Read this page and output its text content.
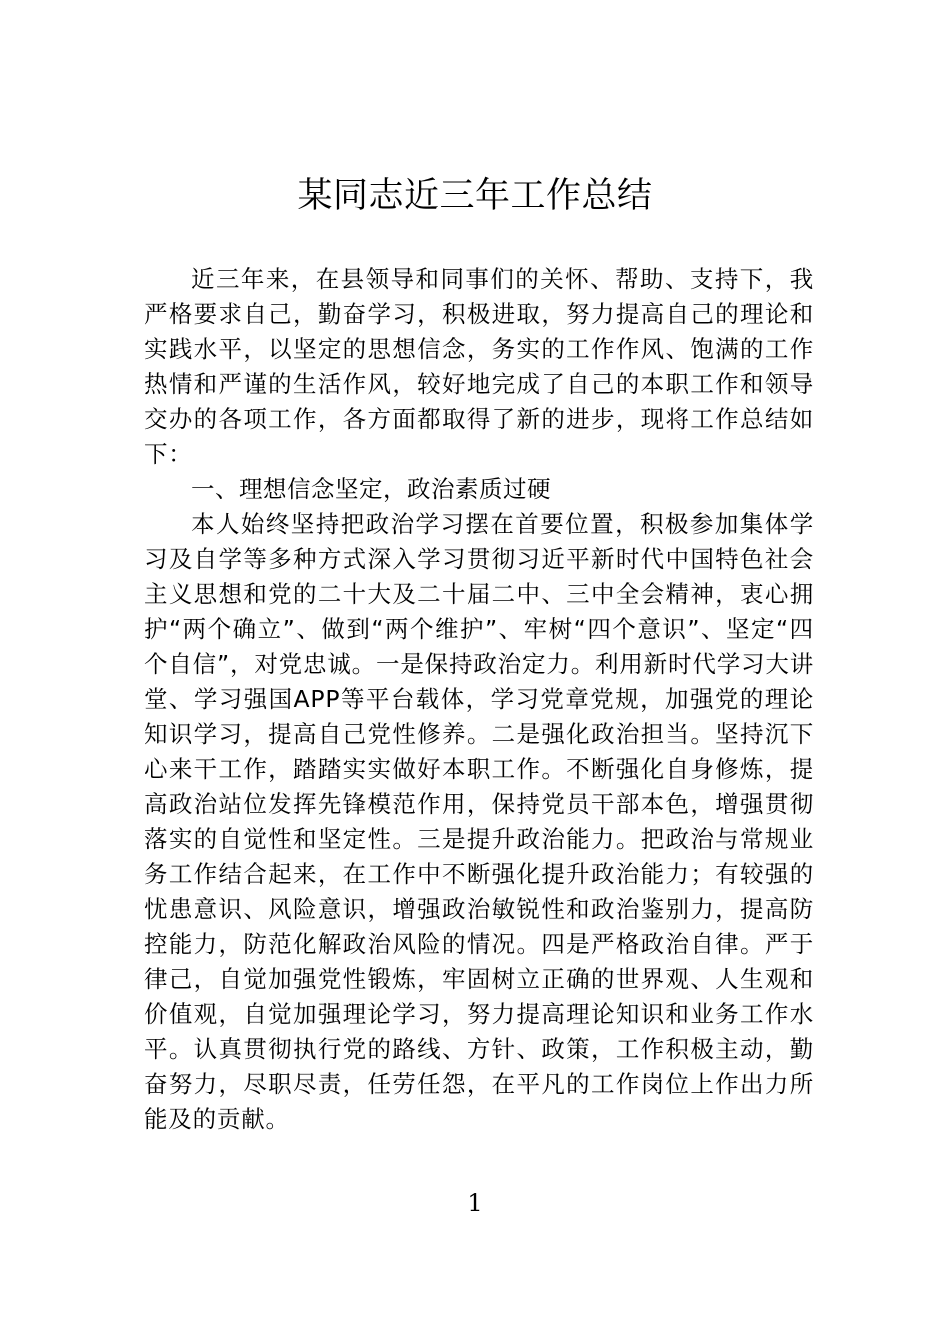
某同志近三年工作总结

近三年来，在县领导和同事们的关怀、帮助、支持下，我严格要求自己，勤奋学习，积极进取，努力提高自己的理论和实践水平，以坚定的思想信念，务实的工作作风、饱满的工作热情和严谨的生活作风，较好地完成了自己的本职工作和领导交办的各项工作，各方面都取得了新的进步，现将工作总结如下：

一、理想信念坚定，政治素质过硬

本人始终坚持把政治学习摆在首要位置，积极参加集体学习及自学等多种方式深入学习贯彻习近平新时代中国特色社会主义思想和党的二十大及二十届二中、三中全会精神，衷心拥护“两个确立”、做到“两个维护”、牢树“四个意识”、坚定“四个自信”，对党忠诚。一是保持政治定力。利用新时代学习大讲堂、学习强国APP等平台载体，学习党章党规，加强党的理论知识学习，提高自己党性修养。二是强化政治担当。坚持沉下心来干工作，踏踏实实做好本职工作。不断强化自身修炼，提高政治站位发挥先锋模范作用，保持党员干部本色，增强贯彻落实的自觉性和坚定性。三是提升政治能力。把政治与常规业务工作结合起来，在工作中不断强化提升政治能力；有较强的忧患意识、风险意识，增强政治敏锐性和政治鉴别力，提高防控能力，防范化解政治风险的情况。四是严格政治自律。严于律己，自觉加强党性锻炼，牢固树立正确的世界观、人生观和价值观，自觉加强理论学习，努力提高理论知识和业务工作水平。认真贯彻执行党的路线、方针、政策，工作积极主动，勤奋努力，尽职尽责，任劳任怨，在平凡的工作岗位上作出力所能及的贡献。

1
